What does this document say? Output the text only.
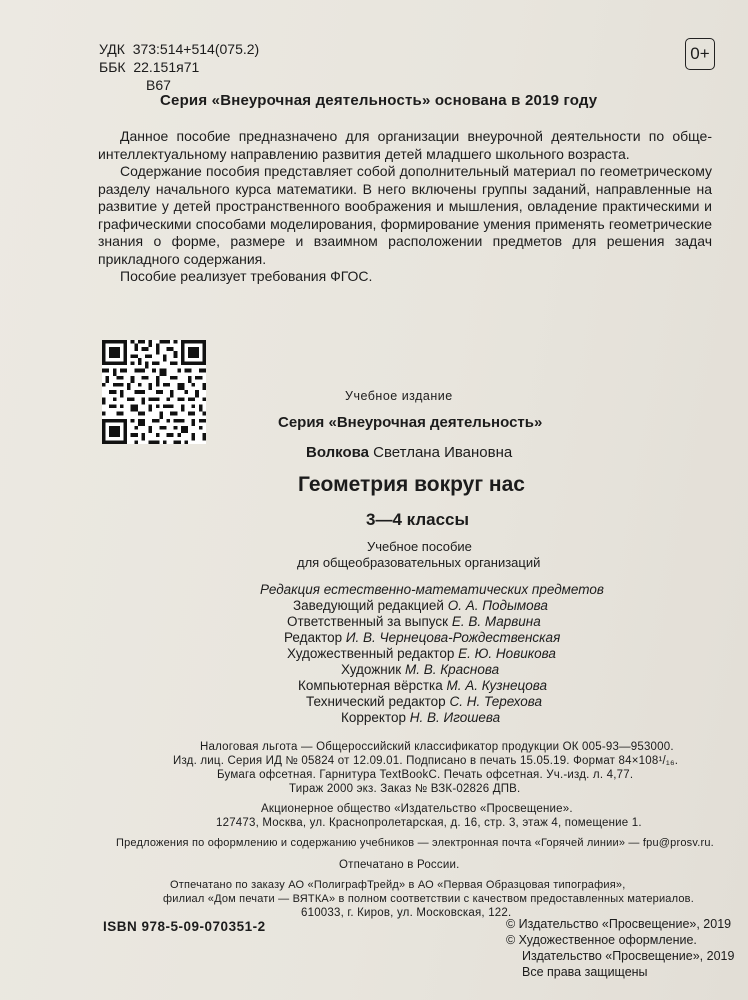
УДК 373:514+514(075.2)
ББК 22.151я71
В67
0+
Серия «Внеурочная деятельность» основана в 2019 году

Данное пособие предназначено для организации внеурочной деятельности по обще-интеллектуальному направлению развития детей младшего школьного возраста.

Содержание пособия представляет собой дополнительный материал по геометрическому разделу начального курса математики. В него включены группы заданий, направленные на развитие у детей пространственного воображения и мышления, овладение практическими и графическими способами моделирования, формирование умения применять геометрические знания о форме, размере и взаимном расположении предметов для решения задач прикладного содержания.

Пособие реализует требования ФГОС.

Учебное издание
Серия «Внеурочная деятельность»
Волкова Светлана Ивановна
Геометрия вокруг нас
3—4 классы
Учебное пособие
для общеобразовательных организаций
Редакция естественно-математических предметов
Заведующий редакцией О. А. Подымова
Ответственный за выпуск Е. В. Марвина
Редактор И. В. Чернецова-Рождественская
Художественный редактор Е. Ю. Новикова
Художник М. В. Краснова
Компьютерная вёрстка М. А. Кузнецова
Технический редактор С. Н. Терехова
Корректор Н. В. Игошева
Налоговая льгота — Общероссийский классификатор продукции ОК 005-93—953000.
Изд. лиц. Серия ИД № 05824 от 12.09.01. Подписано в печать 15.05.19. Формат 84×108¹/₁₆.
Бумага офсетная. Гарнитура TextBookC. Печать офсетная. Уч.-изд. л. 4,77.
Тираж 2000 экз. Заказ № ВЗК-02826 ДПВ.
Акционерное общество «Издательство «Просвещение».
127473, Москва, ул. Краснопролетарская, д. 16, стр. 3, этаж 4, помещение 1.
Предложения по оформлению и содержанию учебников — электронная почта «Горячей линии» — fpu@prosv.ru.
Отпечатано в России.
Отпечатано по заказу АО «ПолиграфТрейд» в АО «Первая Образцовая типография»,
филиал «Дом печати — ВЯТКА» в полном соответствии с качеством предоставленных материалов.
610033, г. Киров, ул. Московская, 122.
ISBN 978-5-09-070351-2	© Издательство «Просвещение», 2019
© Художественное оформление.
Издательство «Просвещение», 2019
Все права защищены
